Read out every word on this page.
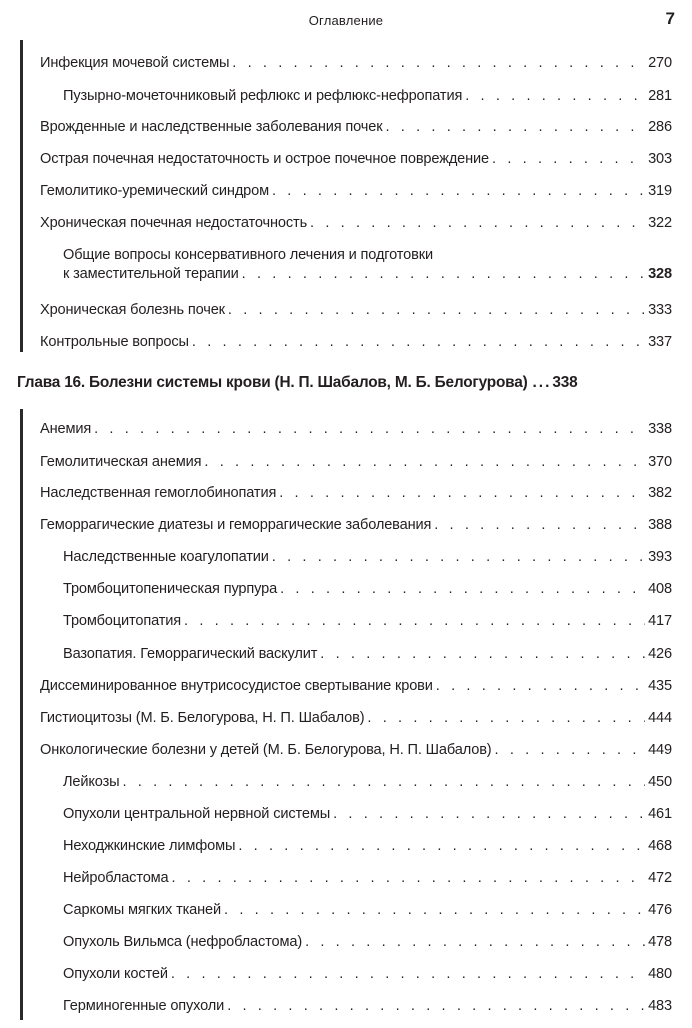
Оглавление	7
Инфекция мочевой системы . . .	270
Пузырно-мочеточниковый рефлюкс и рефлюкс-нефропатия . . .	281
Врожденные и наследственные заболевания почек . . .	286
Острая почечная недостаточность и острое почечное повреждение . . .	303
Гемолитико-уремический синдром . . .	319
Хроническая почечная недостаточность . . .	322
Общие вопросы консервативного лечения и подготовки
к заместительной терапии . . .	328
Хроническая болезнь почек . . .	333
Контрольные вопросы . . .	337
Глава 16. Болезни системы крови (Н. П. Шабалов, М. Б. Белогурова) ...338
Анемия . . .	338
Гемолитическая анемия . . .	370
Наследственная гемоглобинопатия . . .	382
Геморрагические диатезы и геморрагические заболевания . . .	388
Наследственные коагулопатии . . .	393
Тромбоцитопеническая пурпура . . .	408
Тромбоцитопатия . . .	417
Вазопатия. Геморрагический васкулит . . .	426
Диссеминированное внутрисосудистое свертывание крови . . .	435
Гистиоцитозы (М. Б. Белогурова, Н. П. Шабалов) . . .	444
Онкологические болезни у детей (М. Б. Белогурова, Н. П. Шабалов) . . .	449
Лейкозы . . .	450
Опухоли центральной нервной системы . . .	461
Неходжкинские лимфомы . . .	468
Нейробластома . . .	472
Саркомы мягких тканей . . .	476
Опухоль Вильмса (нефробластома) . . .	478
Опухоли костей . . .	480
Герминогенные опухоли . . .	483
